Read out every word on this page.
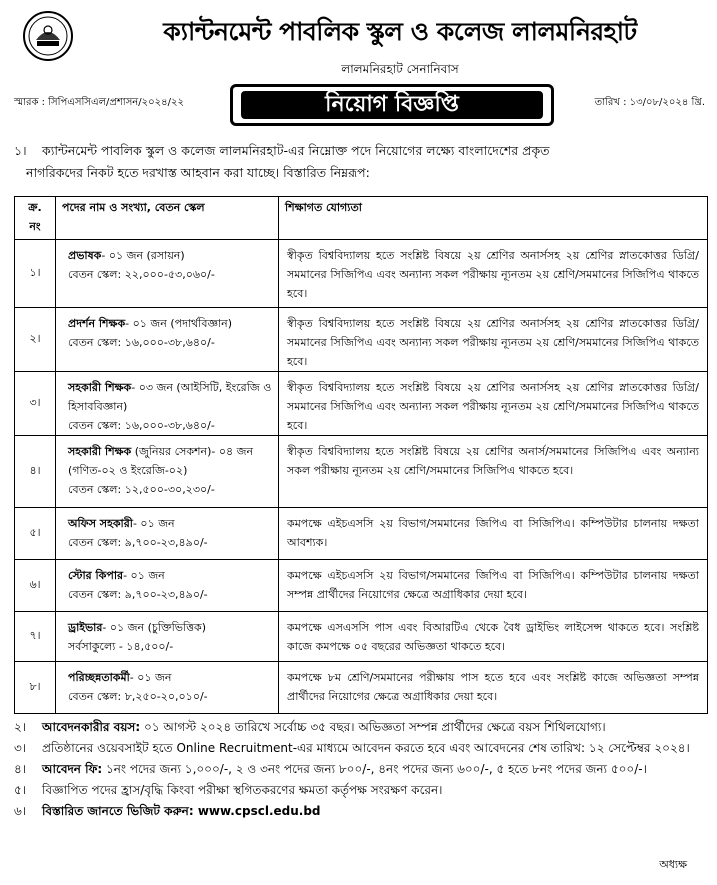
ক্যান্টনমেন্ট পাবলিক স্কুল ও কলেজ লালমনিরহাট
লালমনিরহাট সেনানিবাস
স্মারক : সিপিএসসিএল/প্রশাসন/২০২৪/২২	নিয়োগ বিজ্ঞপ্তি	তারিখ : ১৩/০৮/২০২৪ খ্রি.
১। ক্যান্টনমেন্ট পাবলিক স্কুল ও কলেজ লালমনিরহাট-এর নিম্নোক্ত পদে নিয়োগের লক্ষ্যে বাংলাদেশের প্রকৃত
নাগরিকদের নিকট হতে দরখাস্ত আহবান করা যাচ্ছে। বিস্তারিত নিম্নরূপ:
ক্র. নং	পদের নাম ও সংখ্যা, বেতন স্কেল	শিক্ষাগত যোগ্যতা
১।	প্রভাষক- ০১ জন (রসায়ন)
বেতন স্কেল: ২২,০০০-৫৩,০৬০/-	স্বীকৃত বিশ্ববিদ্যালয় হতে সংশ্লিষ্ট বিষয়ে ২য় শ্রেণির অনার্সসহ ২য় শ্রেণির স্নাতকোত্তর ডিগ্রি/সমমানের সিজিপিএ এবং অন্যান্য সকল পরীক্ষায় ন্যূনতম ২য় শ্রেণি/সমমানের সিজিপিএ থাকতে হবে।
২।	প্রদর্শন শিক্ষক- ০১ জন (পদার্থবিজ্ঞান)
বেতন স্কেল: ১৬,০০০-৩৮,৬৪০/-	স্বীকৃত বিশ্ববিদ্যালয় হতে সংশ্লিষ্ট বিষয়ে ২য় শ্রেণির অনার্সসহ ২য় শ্রেণির স্নাতকোত্তর ডিগ্রি/সমমানের সিজিপিএ এবং অন্যান্য সকল পরীক্ষায় ন্যূনতম ২য় শ্রেণি/সমমানের সিজিপিএ থাকতে হবে।
৩।	সহকারী শিক্ষক- ০৩ জন (আইসিটি, ইংরেজি ও হিসাববিজ্ঞান)
বেতন স্কেল: ১৬,০০০-৩৮,৬৪০/-	স্বীকৃত বিশ্ববিদ্যালয় হতে সংশ্লিষ্ট বিষয়ে ২য় শ্রেণির অনার্সসহ ২য় শ্রেণির স্নাতকোত্তর ডিগ্রি/সমমানের সিজিপিএ এবং অন্যান্য সকল পরীক্ষায় ন্যূনতম ২য় শ্রেণি/সমমানের সিজিপিএ থাকতে হবে।
৪।	সহকারী শিক্ষক (জুনিয়র সেকশন)- ০৪ জন (গণিত-০২ ও ইংরেজি-০২)
বেতন স্কেল: ১২,৫০০-৩০,২৩০/-	স্বীকৃত বিশ্ববিদ্যালয় হতে সংশ্লিষ্ট বিষয়ে ২য় শ্রেণির অনার্স/সমমানের সিজিপিএ এবং অন্যান্য সকল পরীক্ষায় ন্যূনতম ২য় শ্রেণি/সমমানের সিজিপিএ থাকতে হবে।
৫।	অফিস সহকারী- ০১ জন
বেতন স্কেল: ৯,৭০০-২৩,৪৯০/-	কমপক্ষে এইচএসসি ২য় বিভাগ/সমমানের জিপিএ বা সিজিপিএ। কম্পিউটার চালনায় দক্ষতা আবশ্যক।
৬।	স্টোর কিপার- ০১ জন
বেতন স্কেল: ৯,৭০০-২৩,৪৯০/-	কমপক্ষে এইচএসসি ২য় বিভাগ/সমমানের জিপিএ বা সিজিপিএ। কম্পিউটার চালনায় দক্ষতা সম্পন্ন প্রার্থীদের নিয়োগের ক্ষেত্রে অগ্রাধিকার দেয়া হবে।
৭।	ড্রাইভার- ০১ জন (চুক্তিভিত্তিক)
সর্বসাকুল্যে - ১৪,৫০০/-	কমপক্ষে এসএসসি পাস এবং বিআরটিএ থেকে বৈধ ড্রাইভিং লাইসেন্স থাকতে হবে। সংশ্লিষ্ট কাজে কমপক্ষে ০৫ বছরের অভিজ্ঞতা থাকতে হবে।
৮।	পরিচ্ছন্নতাকর্মী- ০১ জন
বেতন স্কেল: ৮,২৫০-২০,০১০/-	কমপক্ষে ৮ম শ্রেণি/সমমানের পরীক্ষায় পাস হতে হবে এবং সংশ্লিষ্ট কাজে অভিজ্ঞতা সম্পন্ন প্রার্থীদের নিয়োগের ক্ষেত্রে অগ্রাধিকার দেয়া হবে।
২।	আবেদনকারীর বয়স: ০১ আগস্ট ২০২৪ তারিখে সর্বোচ্চ ৩৫ বছর। অভিজ্ঞতা সম্পন্ন প্রার্থীদের ক্ষেত্রে বয়স শিথিলযোগ্য।
৩।	প্রতিষ্ঠানের ওয়েবসাইট হতে Online Recruitment-এর মাধ্যমে আবেদন করতে হবে এবং আবেদনের শেষ তারিখ: ১২ সেপ্টেম্বর ২০২৪।
৪।	আবেদন ফি: ১নং পদের জন্য ১,০০০/-, ২ ও ৩নং পদের জন্য ৮০০/-, ৪নং পদের জন্য ৬০০/-, ৫ হতে ৮নং পদের জন্য ৫০০/-।
৫।	বিজ্ঞাপিত পদের হ্রাস/বৃদ্ধি কিংবা পরীক্ষা স্থগিতকরণের ক্ষমতা কর্তৃপক্ষ সংরক্ষণ করেন।
৬।	বিস্তারিত জানতে ভিজিট করুন: www.cpscl.edu.bd
অধ্যক্ষ
